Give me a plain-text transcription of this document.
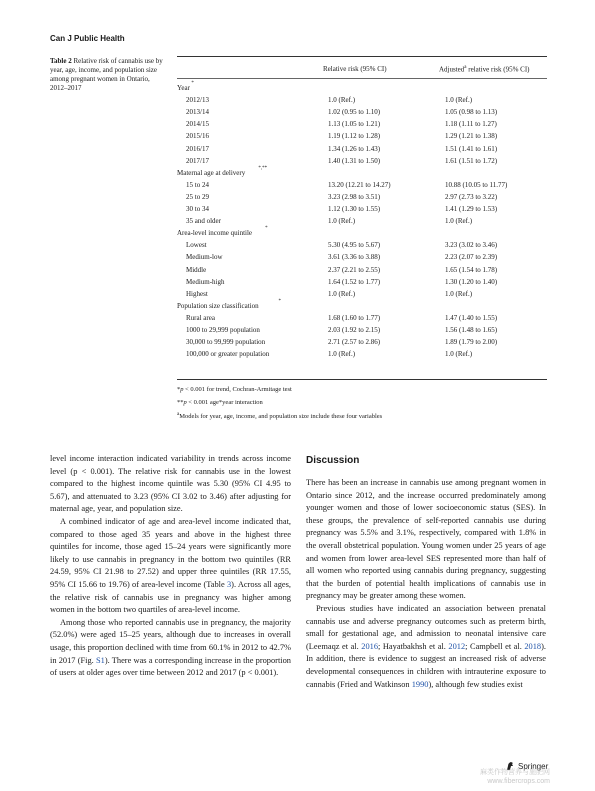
Can J Public Health
Table 2 Relative risk of cannabis use by year, age, income, and population size among pregnant women in Ontario, 2012–2017
Relative risk (95% CI)	Adjusted$^a$ relative risk (95% CI)
Year
*
2012/13	1.0 (Ref.)	1.0 (Ref.)
2013/14	1.02 (0.95 to 1.10)	1.05 (0.98 to 1.13)
2014/15	1.13 (1.05 to 1.21)	1.18 (1.11 to 1.27)
2015/16	1.19 (1.12 to 1.28)	1.29 (1.21 to 1.38)
2016/17	1.34 (1.26 to 1.43)	1.51 (1.41 to 1.61)
2017/17	1.40 (1.31 to 1.50)	1.61 (1.51 to 1.72)
Maternal age at delivery
*,**
15 to 24	13.20 (12.21 to 14.27)	10.88 (10.05 to 11.77)
25 to 29	3.23 (2.98 to 3.51)	2.97 (2.73 to 3.22)
30 to 34	1.12 (1.30 to 1.55)	1.41 (1.29 to 1.53)
35 and older	1.0 (Ref.)	1.0 (Ref.)
Area-level income quintile
*
Lowest	5.30 (4.95 to 5.67)	3.23 (3.02 to 3.46)
Medium-low	3.61 (3.36 to 3.88)	2.23 (2.07 to 2.39)
Middle	2.37 (2.21 to 2.55)	1.65 (1.54 to 1.78)
Medium-high	1.64 (1.52 to 1.77)	1.30 (1.20 to 1.40)
Highest	1.0 (Ref.)	1.0 (Ref.)
Population size classification
*
Rural area	1.68 (1.60 to 1.77)	1.47 (1.40 to 1.55)
1000 to 29,999 population	2.03 (1.92 to 2.15)	1.56 (1.48 to 1.65)
30,000 to 99,999 population	2.71 (2.57 to 2.86)	1.89 (1.79 to 2.00)
100,000 or greater population	1.0 (Ref.)	1.0 (Ref.)
*p < 0.001 for trend, Cochran-Armitage test
**p < 0.001 age*year interaction
$^a$Models for year, age, income, and population size include these four variables

level income interaction indicated variability in trends across income level (p < 0.001). The relative risk for cannabis use in the lowest compared to the highest income quintile was 5.30 (95% CI 4.95 to 5.67), and attenuated to 3.23 (95% CI 3.02 to 3.46) after adjusting for maternal age, year, and population size.

A combined indicator of age and area-level income indicated that, compared to those aged 35 years and above in the highest three quintiles for income, those aged 15–24 years were significantly more likely to use cannabis in pregnancy in the bottom two quintiles (RR 24.59, 95% CI 21.98 to 27.52) and upper three quintiles (RR 17.55, 95% CI 15.66 to 19.76) of area-level income (Table 3). Across all ages, the relative risk of cannabis use in pregnancy was higher among women in the bottom two quartiles of area-level income.

Among those who reported cannabis use in pregnancy, the majority (52.0%) were aged 15–25 years, although due to increases in overall usage, this proportion declined with time from 60.1% in 2012 to 42.7% in 2017 (Fig. S1). There was a corresponding increase in the proportion of users at older ages over time between 2012 and 2017 (p < 0.001).

Discussion

There has been an increase in cannabis use among pregnant women in Ontario since 2012, and the increase occurred predominately among younger women and those of lower socioeconomic status (SES). In these groups, the prevalence of self-reported cannabis use during pregnancy was 5.5% and 3.1%, respectively, compared with 1.8% in the overall obstetrical population. Young women under 25 years of age and women from lower area-level SES represented more than half of all women who reported using cannabis during pregnancy, suggesting that the burden of potential health implications of cannabis use in pregnancy may be greater among these women.

Previous studies have indicated an association between prenatal cannabis use and adverse pregnancy outcomes such as preterm birth, small for gestational age, and admission to neonatal intensive care (Leemaqz et al. 2016; Hayatbakhsh et al. 2012; Campbell et al. 2018). In addition, there is evidence to suggest an increased risk of adverse developmental consequences in children with intrauterine exposure to cannabis (Fried and Watkinson 1990), although few studies exist

Springer
麻类作物营养与施肥网
www.fibercrops.com
